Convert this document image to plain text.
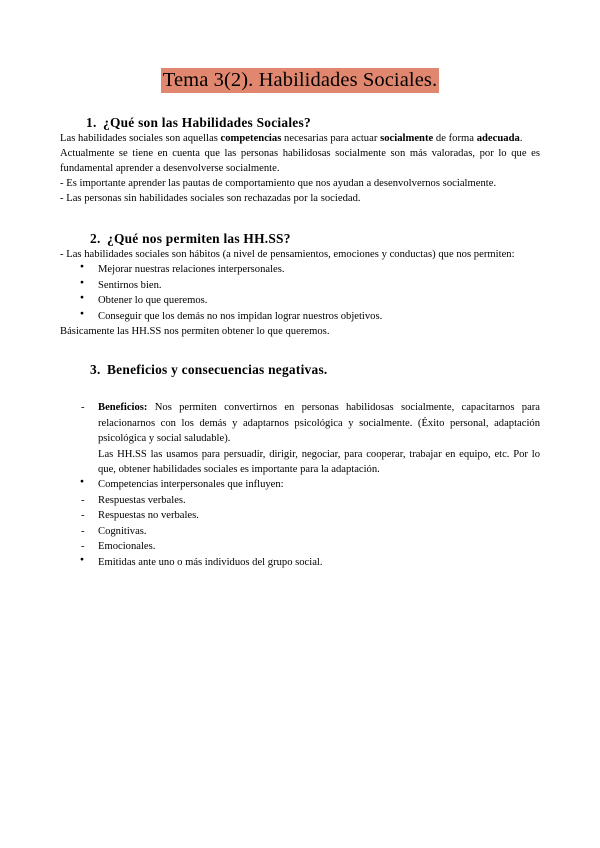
Tema 3(2). Habilidades Sociales.
1. ¿Qué son las Habilidades Sociales?

Las habilidades sociales son aquellas competencias necesarias para actuar socialmente de forma adecuada.

Actualmente se tiene en cuenta que las personas habilidosas socialmente son más valoradas, por lo que es fundamental aprender a desenvolverse socialmente.

- Es importante aprender las pautas de comportamiento que nos ayudan a desenvolvernos socialmente.

- Las personas sin habilidades sociales son rechazadas por la sociedad.

2. ¿Qué nos permiten las HH.SS?

- Las habilidades sociales son hábitos (a nivel de pensamientos, emociones y conductas) que nos permiten:

● Mejorar nuestras relaciones interpersonales.
● Sentirnos bien.
● Obtener lo que queremos.
● Conseguir que los demás no nos impidan lograr nuestros objetivos.

Básicamente las HH.SS nos permiten obtener lo que queremos.

3. Beneficios y consecuencias negativas.
- Beneficios: Nos permiten convertirnos en personas habilidosas socialmente, capacitarnos para relacionarnos con los demás y adaptarnos psicológica y socialmente. (Éxito personal, adaptación psicológica y social saludable).
Las HH.SS las usamos para persuadir, dirigir, negociar, para cooperar, trabajar en equipo, etc. Por lo que, obtener habilidades sociales es importante para la adaptación.
● Competencias interpersonales que influyen:
- Respuestas verbales.
- Respuestas no verbales.
- Cognitivas.
- Emocionales.
● Emitidas ante uno o más individuos del grupo social.
